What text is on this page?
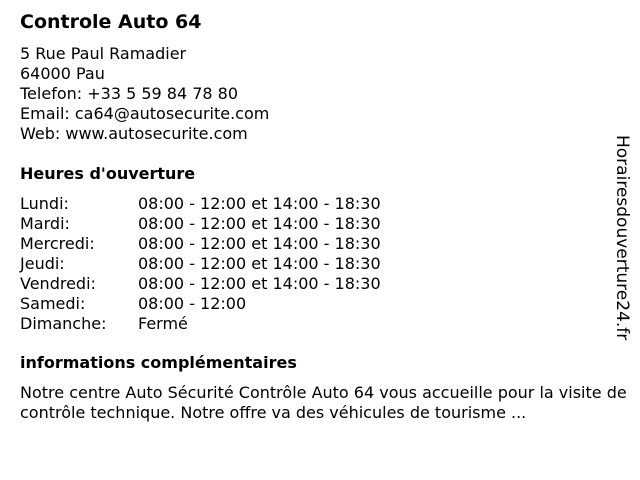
Controle Auto 64
5 Rue Paul Ramadier
64000 Pau
Telefon: +33 5 59 84 78 80
Email: ca64@autosecurite.com
Web: www.autosecurite.com
Heures d'ouverture
Lundi:	08:00 - 12:00 et 14:00 - 18:30
Mardi:	08:00 - 12:00 et 14:00 - 18:30
Mercredi:	08:00 - 12:00 et 14:00 - 18:30
Jeudi:	08:00 - 12:00 et 14:00 - 18:30
Vendredi:	08:00 - 12:00 et 14:00 - 18:30
Samedi:	08:00 - 12:00
Dimanche:	Fermé
informations complémentaires

Notre centre Auto Sécurité Contrôle Auto 64 vous accueille pour la visite de contrôle technique. Notre offre va des véhicules de tourisme ...

Horairesdouverture24.fr
